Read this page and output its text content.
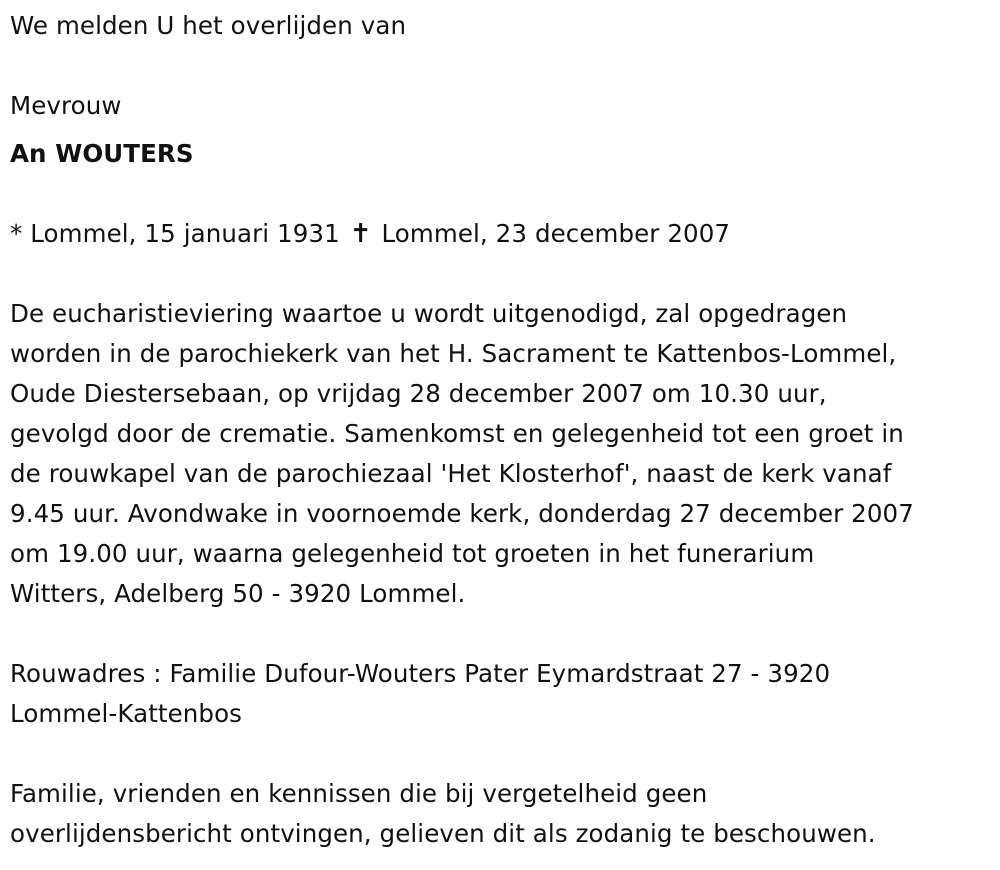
We melden U het overlijden van
Mevrouw
An WOUTERS
* Lommel, 15 januari 1931 ✝ Lommel, 23 december 2007
De eucharistieviering waartoe u wordt uitgenodigd, zal opgedragen
worden in de parochiekerk van het H. Sacrament te Kattenbos-Lommel,
Oude Diestersebaan, op vrijdag 28 december 2007 om 10.30 uur,
gevolgd door de crematie. Samenkomst en gelegenheid tot een groet in
de rouwkapel van de parochiezaal 'Het Klosterhof', naast de kerk vanaf
9.45 uur. Avondwake in voornoemde kerk, donderdag 27 december 2007
om 19.00 uur, waarna gelegenheid tot groeten in het funerarium
Witters, Adelberg 50 - 3920 Lommel.
Rouwadres : Familie Dufour-Wouters Pater Eymardstraat 27 - 3920
Lommel-Kattenbos
Familie, vrienden en kennissen die bij vergetelheid geen
overlijdensbericht ontvingen, gelieven dit als zodanig te beschouwen.
